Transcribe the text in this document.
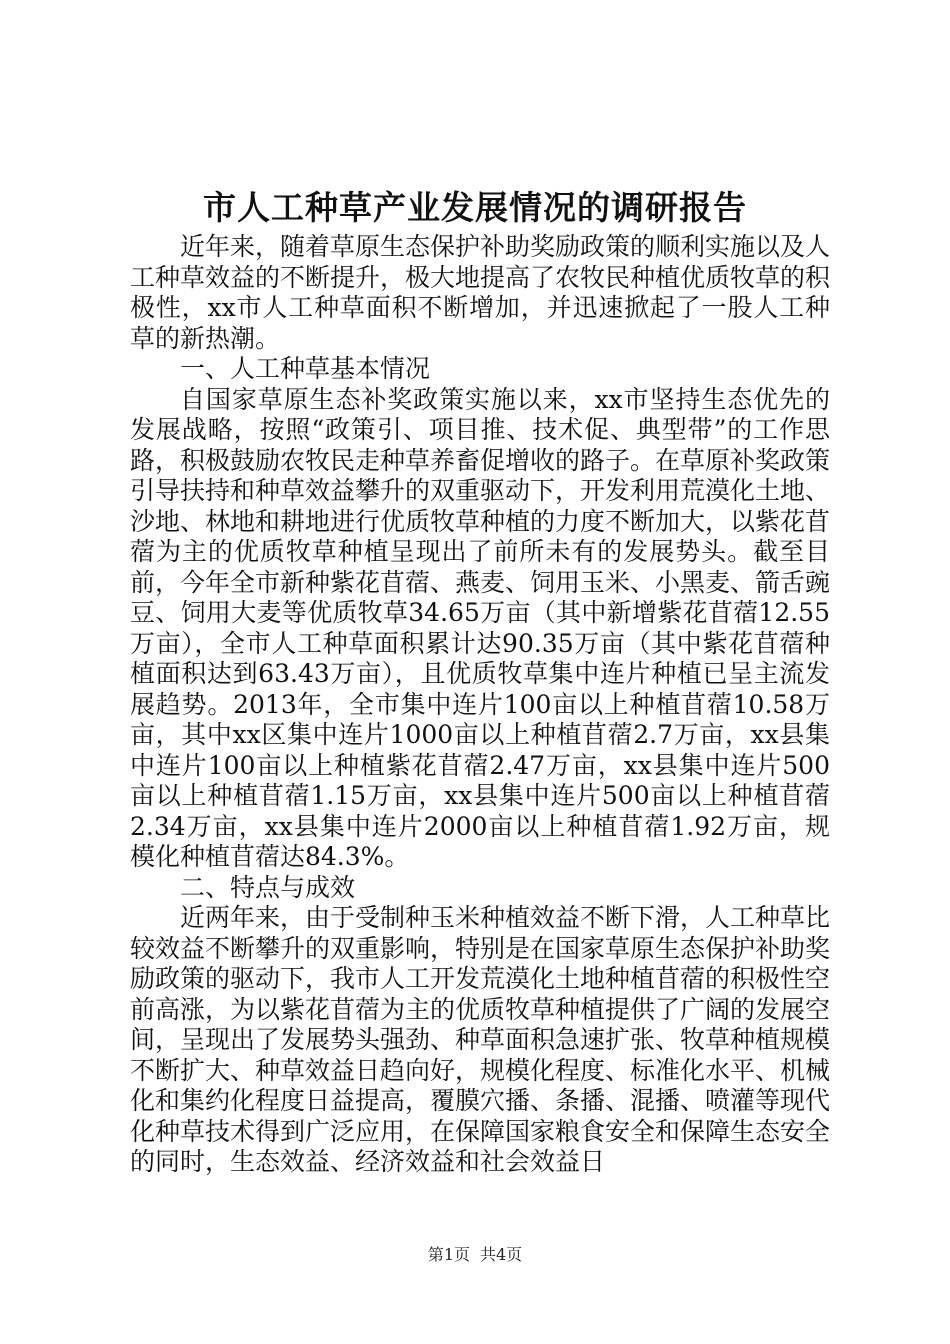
市人工种草产业发展情况的调研报告

近年来，随着草原生态保护补助奖励政策的顺利实施以及人工种草效益的不断提升，极大地提高了农牧民种植优质牧草的积极性，xx市人工种草面积不断增加，并迅速掀起了一股人工种草的新热潮。

一、人工种草基本情况

自国家草原生态补奖政策实施以来，xx市坚持生态优先的发展战略，按照“政策引、项目推、技术促、典型带”的工作思路，积极鼓励农牧民走种草养畜促增收的路子。在草原补奖政策引导扶持和种草效益攀升的双重驱动下，开发利用荒漠化土地、沙地、林地和耕地进行优质牧草种植的力度不断加大，以紫花苜蓿为主的优质牧草种植呈现出了前所未有的发展势头。截至目前，今年全市新种紫花苜蓿、燕麦、饲用玉米、小黑麦、箭舌豌豆、饲用大麦等优质牧草34.65万亩（其中新增紫花苜蓿12.55万亩），全市人工种草面积累计达90.35万亩（其中紫花苜蓿种植面积达到63.43万亩），且优质牧草集中连片种植已呈主流发展趋势。2013年，全市集中连片100亩以上种植苜蓿10.58万亩，其中xx区集中连片1000亩以上种植苜蓿2.7万亩，xx县集中连片100亩以上种植紫花苜蓿2.47万亩，xx县集中连片500亩以上种植苜蓿1.15万亩，xx县集中连片500亩以上种植苜蓿2.34万亩，xx县集中连片2000亩以上种植苜蓿1.92万亩，规模化种植苜蓿达84.3%。

二、特点与成效

近两年来，由于受制种玉米种植效益不断下滑，人工种草比较效益不断攀升的双重影响，特别是在国家草原生态保护补助奖励政策的驱动下，我市人工开发荒漠化土地种植苜蓿的积极性空前高涨，为以紫花苜蓿为主的优质牧草种植提供了广阔的发展空间，呈现出了发展势头强劲、种草面积急速扩张、牧草种植规模不断扩大、种草效益日趋向好，规模化程度、标准化水平、机械化和集约化程度日益提高，覆膜穴播、条播、混播、喷灌等现代化种草技术得到广泛应用，在保障国家粮食安全和保障生态安全的同时，生态效益、经济效益和社会效益日

第1页 共4页
